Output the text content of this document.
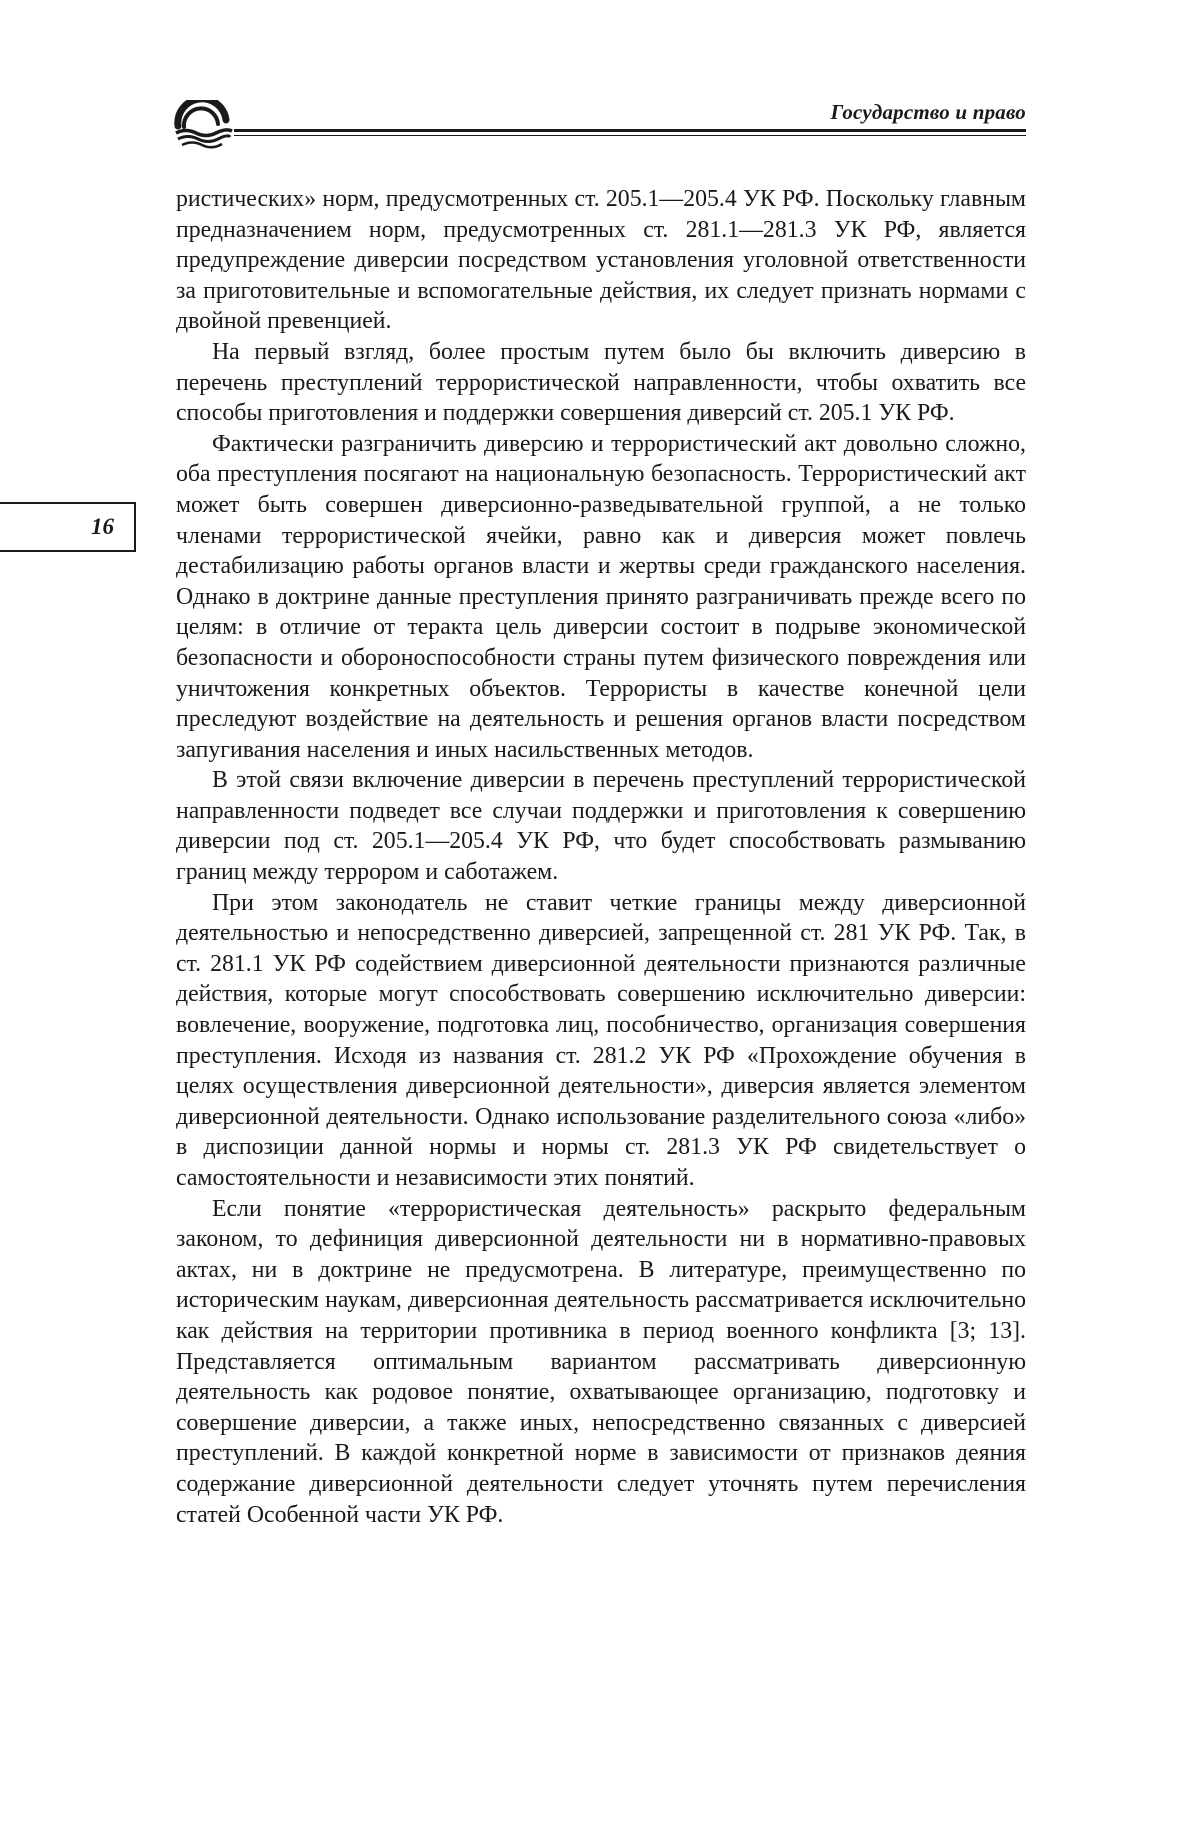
Государство и право
16

ристических» норм, предусмотренных ст. 205.1—205.4 УК РФ. Поскольку главным предназначением норм, предусмотренных ст. 281.1—281.3 УК РФ, является предупреждение диверсии посредством установления уголовной ответственности за приготовительные и вспомогательные действия, их следует признать нормами с двойной превенцией.

На первый взгляд, более простым путем было бы включить диверсию в перечень преступлений террористической направленности, чтобы охватить все способы приготовления и поддержки совершения диверсий ст. 205.1 УК РФ.

Фактически разграничить диверсию и террористический акт довольно сложно, оба преступления посягают на национальную безопасность. Террористический акт может быть совершен диверсионно-разведывательной группой, а не только членами террористической ячейки, равно как и диверсия может повлечь дестабилизацию работы органов власти и жертвы среди гражданского населения. Однако в доктрине данные преступления принято разграничивать прежде всего по целям: в отличие от теракта цель диверсии состоит в подрыве экономической безопасности и обороноспособности страны путем физического повреждения или уничтожения конкретных объектов. Террористы в качестве конечной цели преследуют воздействие на деятельность и решения органов власти посредством запугивания населения и иных насильственных методов.

В этой связи включение диверсии в перечень преступлений террористической направленности подведет все случаи поддержки и приготовления к совершению диверсии под ст. 205.1—205.4 УК РФ, что будет способствовать размыванию границ между террором и саботажем.

При этом законодатель не ставит четкие границы между диверсионной деятельностью и непосредственно диверсией, запрещенной ст. 281 УК РФ. Так, в ст. 281.1 УК РФ содействием диверсионной деятельности признаются различные действия, которые могут способствовать совершению исключительно диверсии: вовлечение, вооружение, подготовка лиц, пособничество, организация совершения преступления. Исходя из названия ст. 281.2 УК РФ «Прохождение обучения в целях осуществления диверсионной деятельности», диверсия является элементом диверсионной деятельности. Однако использование разделительного союза «либо» в диспозиции данной нормы и нормы ст. 281.3 УК РФ свидетельствует о самостоятельности и независимости этих понятий.

Если понятие «террористическая деятельность» раскрыто федеральным законом, то дефиниция диверсионной деятельности ни в нормативно-правовых актах, ни в доктрине не предусмотрена. В литературе, преимущественно по историческим наукам, диверсионная деятельность рассматривается исключительно как действия на территории противника в период военного конфликта [3; 13]. Представляется оптимальным вариантом рассматривать диверсионную деятельность как родовое понятие, охватывающее организацию, подготовку и совершение диверсии, а также иных, непосредственно связанных с диверсией преступлений. В каждой конкретной норме в зависимости от признаков деяния содержание диверсионной деятельности следует уточнять путем перечисления статей Особенной части УК РФ.
